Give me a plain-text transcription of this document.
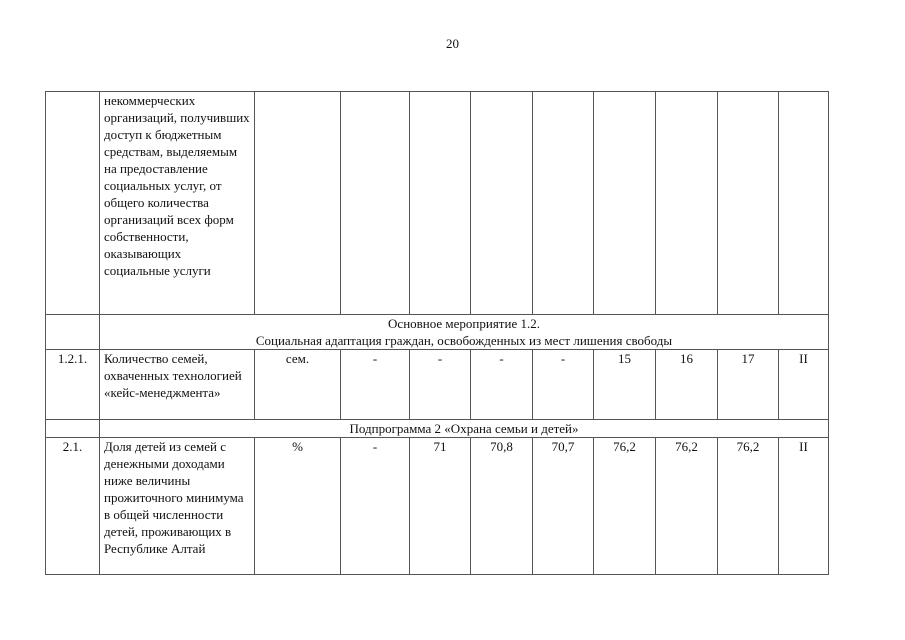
20
	некоммерческих организаций, получивших доступ к бюджетным средствам, выделяемым на предоставление социальных услуг, от общего количества организаций всех форм собственности, оказывающих социальные услуги									

	Основное мероприятие 1.2.
Социальная адаптация граждан, освобожденных из мест лишения свободы									

1.2.1.	Количество семей, охваченных технологией «кейс-менеджмента»	сем.	-	-	-	-	15	16	17	II
	Подпрограмма 2 «Охрана семьи и детей»									
2.1.	Доля детей из семей с денежными доходами ниже величины прожиточного минимума в общей численности детей, проживающих в Республике Алтай	%	-	71	70,8	70,7	76,2	76,2	76,2	II
